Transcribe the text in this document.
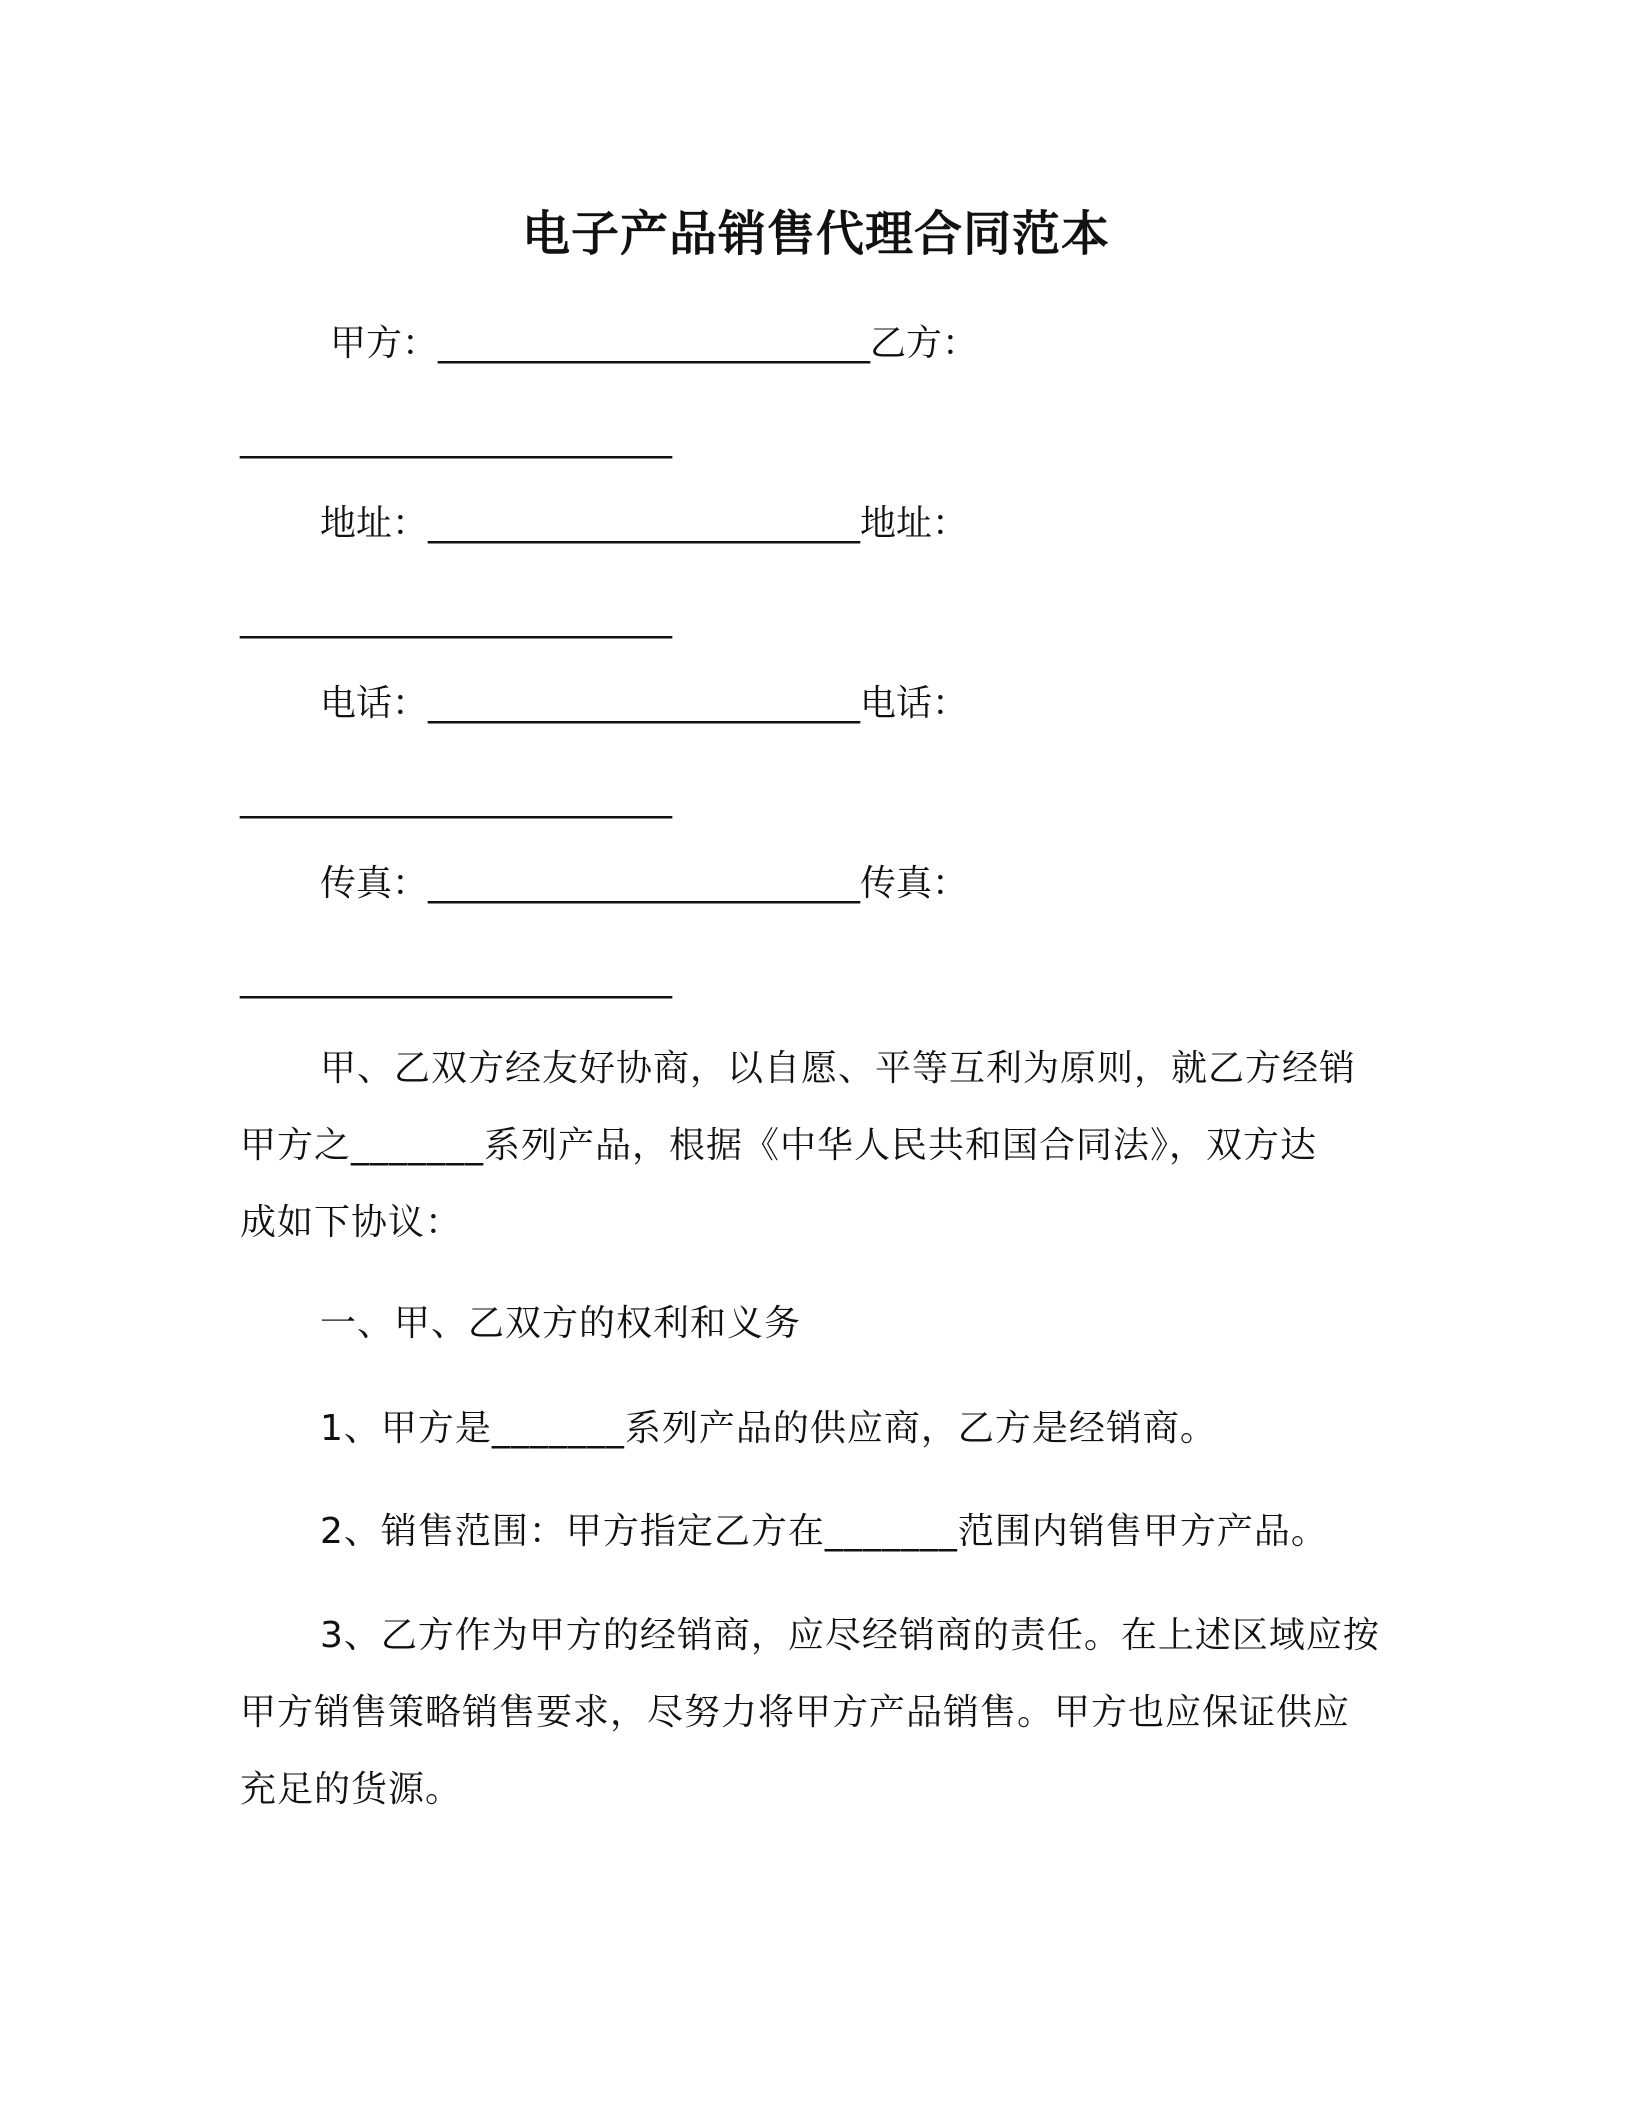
电子产品销售代理合同范本
甲方：________________________乙方：
________________________
地址：________________________地址：
________________________
电话：________________________电话：
________________________
传真：________________________传真：
________________________
甲、乙双方经友好协商，以自愿、平等互利为原则，就乙方经销
甲方之_______系列产品，根据《中华人民共和国合同法》，双方达
成如下协议：
一、甲、乙双方的权利和义务
1、甲方是_______系列产品的供应商，乙方是经销商。
2、销售范围：甲方指定乙方在_______范围内销售甲方产品。
3、乙方作为甲方的经销商，应尽经销商的责任。在上述区域应按
甲方销售策略销售要求，尽努力将甲方产品销售。甲方也应保证供应
充足的货源。
